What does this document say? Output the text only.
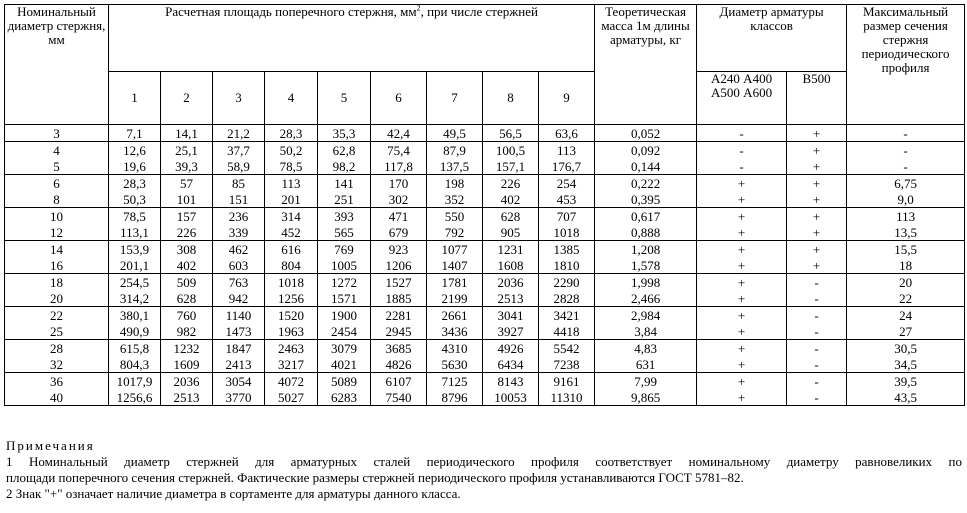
Номинальный диаметр стержня, мм	Расчетная площадь поперечного стержня, $мм^2$, при числе стержней									Теоретическая масса 1м длины арматуры, кг	Диаметр арматуры классов		Максимальный размер сечения стержня периодического профиля
	1	2	3	4	5	6	7	8	9		А240 А400 А500 А600	В500	
3	7,1	14,1	21,2	28,3	35,3	42,4	49,5	56,5	63,6	0,052	-	+	-
4	12,6	25,1	37,7	50,2	62,8	75,4	87,9	100,5	113	0,092	-	+	-
5	19,6	39,3	58,9	78,5	98,2	117,8	137,5	157,1	176,7	0,144	-	+	-
6	28,3	57	85	113	141	170	198	226	254	0,222	+	+	6,75
8	50,3	101	151	201	251	302	352	402	453	0,395	+	+	9,0
10	78,5	157	236	314	393	471	550	628	707	0,617	+	+	113
12	113,1	226	339	452	565	679	792	905	1018	0,888	+	+	13,5
14	153,9	308	462	616	769	923	1077	1231	1385	1,208	+	+	15,5
16	201,1	402	603	804	1005	1206	1407	1608	1810	1,578	+	+	18
18	254,5	509	763	1018	1272	1527	1781	2036	2290	1,998	+	-	20
20	314,2	628	942	1256	1571	1885	2199	2513	2828	2,466	+	-	22
22	380,1	760	1140	1520	1900	2281	2661	3041	3421	2,984	+	-	24
25	490,9	982	1473	1963	2454	2945	3436	3927	4418	3,84	+	-	27
28	615,8	1232	1847	2463	3079	3685	4310	4926	5542	4,83	+	-	30,5
32	804,3	1609	2413	3217	4021	4826	5630	6434	7238	631	+	-	34,5
36	1017,9	2036	3054	4072	5089	6107	7125	8143	9161	7,99	+	-	39,5
40	1256,6	2513	3770	5027	6283	7540	8796	10053	11310	9,865	+	-	43,5
Примечания
1 Номинальный диаметр стержней для арматурных сталей периодического профиля соответствует номинальному диаметру равновеликих по
площади поперечного сечения стержней. Фактические размеры стержней периодического профиля устанавливаются ГОСТ 5781–82.
2 Знак "+" означает наличие диаметра в сортаменте для арматуры данного класса.
